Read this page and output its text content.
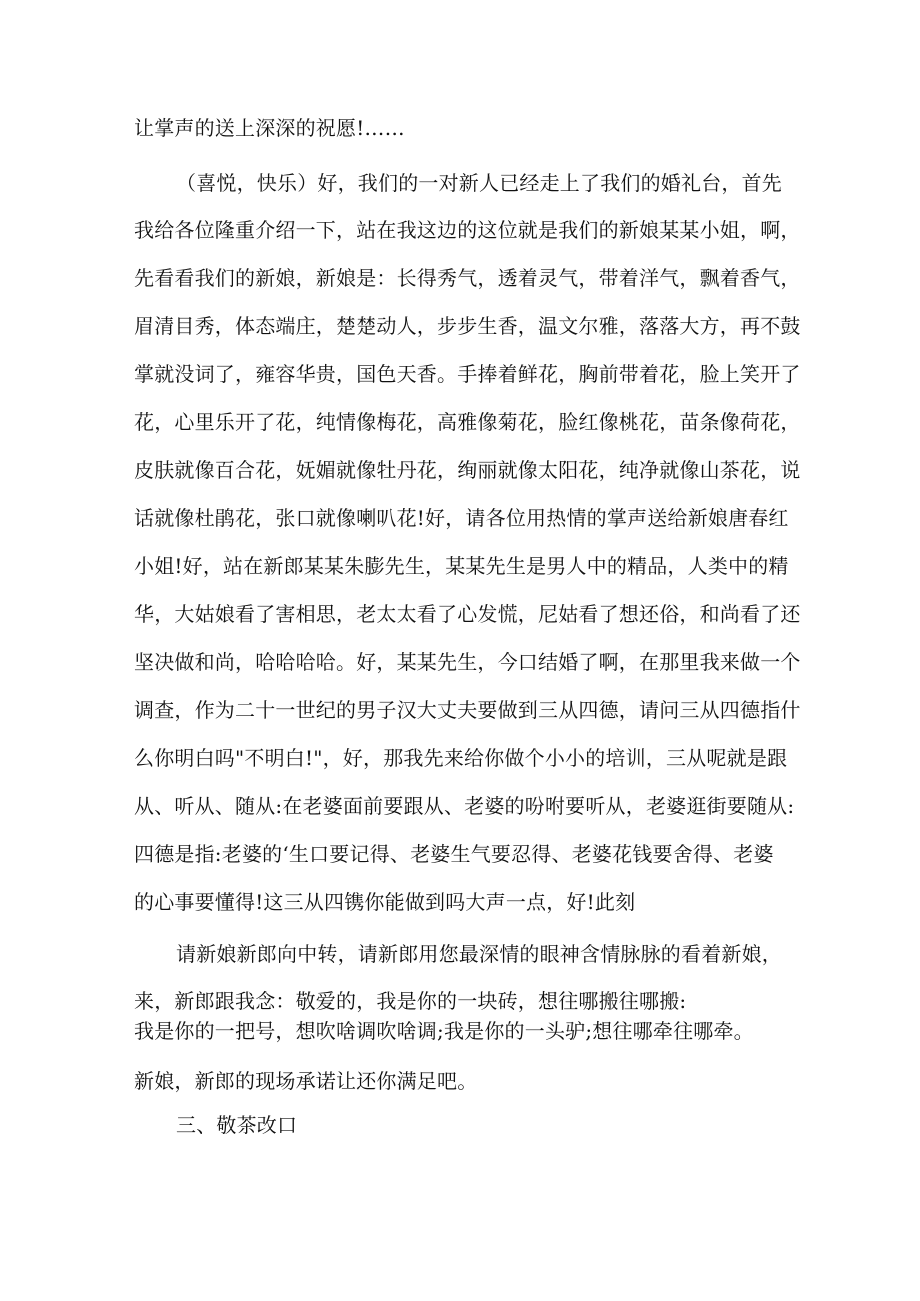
让掌声的送上深深的祝愿!……
（喜悦，快乐）好，我们的一对新人已经走上了我们的婚礼台，首先
我给各位隆重介绍一下，站在我这边的这位就是我们的新娘某某小姐，啊，
先看看我们的新娘，新娘是：长得秀气，透着灵气，带着洋气，飘着香气，
眉清目秀，体态端庄，楚楚动人，步步生香，温文尔雅，落落大方，再不鼓
掌就没词了，雍容华贵，国色天香。手捧着鲜花，胸前带着花，脸上笑开了
花，心里乐开了花，纯情像梅花，高雅像菊花，脸红像桃花，苗条像荷花，
皮肤就像百合花，妩媚就像牡丹花，绚丽就像太阳花，纯净就像山茶花，说
话就像杜鹃花，张口就像喇叭花!好，请各位用热情的掌声送给新娘唐春红
小姐!好，站在新郎某某朱膨先生，某某先生是男人中的精品，人类中的精
华，大姑娘看了害相思，老太太看了心发慌，尼姑看了想还俗，和尚看了还
坚决做和尚，哈哈哈哈。好，某某先生，今口结婚了啊，在那里我来做一个
调查，作为二十一世纪的男子汉大丈夫要做到三从四德，请问三从四德指什
么你明白吗"不明白!"，好，那我先来给你做个小小的培训，三从呢就是跟
从、听从、随从:在老婆面前要跟从、老婆的吩咐要听从，老婆逛街要随从:
四德是指:老婆的‘生口要记得、老婆生气要忍得、老婆花钱要舍得、老婆
的心事要懂得!这三从四镌你能做到吗大声一点，好!此刻
请新娘新郎向中转，请新郎用您最深情的眼神含情脉脉的看着新娘，
来，新郎跟我念：敬爱的，我是你的一块砖，想往哪搬往哪搬:
我是你的一把号，想吹啥调吹啥调;我是你的一头驴;想往哪牵往哪牵。
新娘，新郎的现场承诺让还你满足吧。
三、敬茶改口
